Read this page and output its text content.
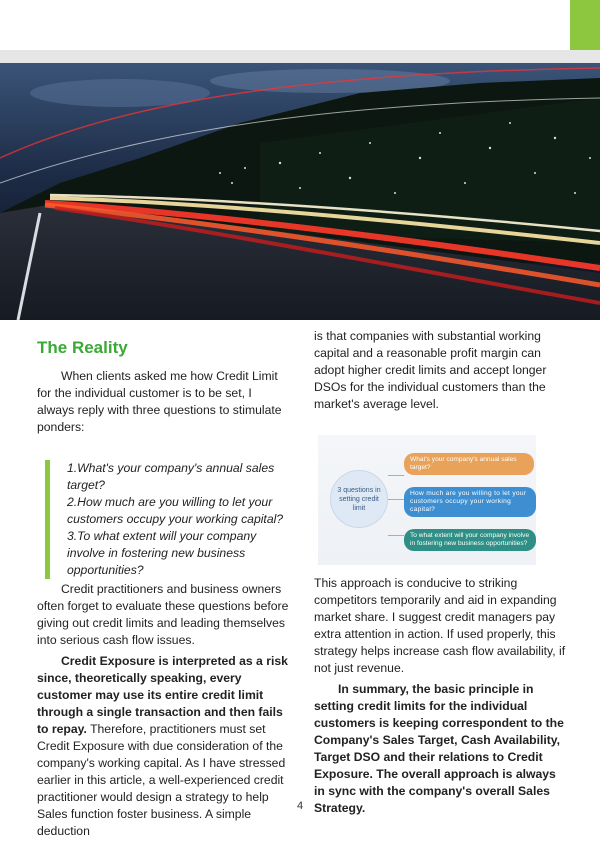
The Reality

When clients asked me how Credit Limit for the individual customer is to be set, I always reply with three questions to stimulate ponders:

1.What's your company's annual sales target?
2.How much are you willing to let your customers occupy your working capital?
3.To what extent will your company involve in fostering new business opportunities?

Credit practitioners and business owners often forget to evaluate these questions before giving out credit limits and leading themselves into serious cash flow issues.

Credit Exposure is interpreted as a risk since, theoretically speaking, every customer may use its entire credit limit through a single transaction and then fails to repay. Therefore, practitioners must set Credit Exposure with due consideration of the company's working capital. As I have stressed earlier in this article, a well-experienced credit practitioner would design a strategy to help Sales function foster business. A simple deduction

is that companies with substantial working capital and a reasonable profit margin can adopt higher credit limits and accept longer DSOs for the individual customers than the market's average level.

3 questions in setting credit limit
What's your company's annual sales target?
How much are you willing to let your customers occupy your working capital?
To what extent will your company involve in fostering new business opportunities?

This approach is conducive to striking competitors temporarily and aid in expanding market share. I suggest credit managers pay extra attention in action. If used properly, this strategy helps increase cash flow availability, if not just revenue.

In summary, the basic principle in setting credit limits for the individual customers is keeping correspondent to the Company's Sales Target, Cash Availability, Target DSO and their relations to Credit Exposure. The overall approach is always in sync with the company's overall Sales Strategy.

4
